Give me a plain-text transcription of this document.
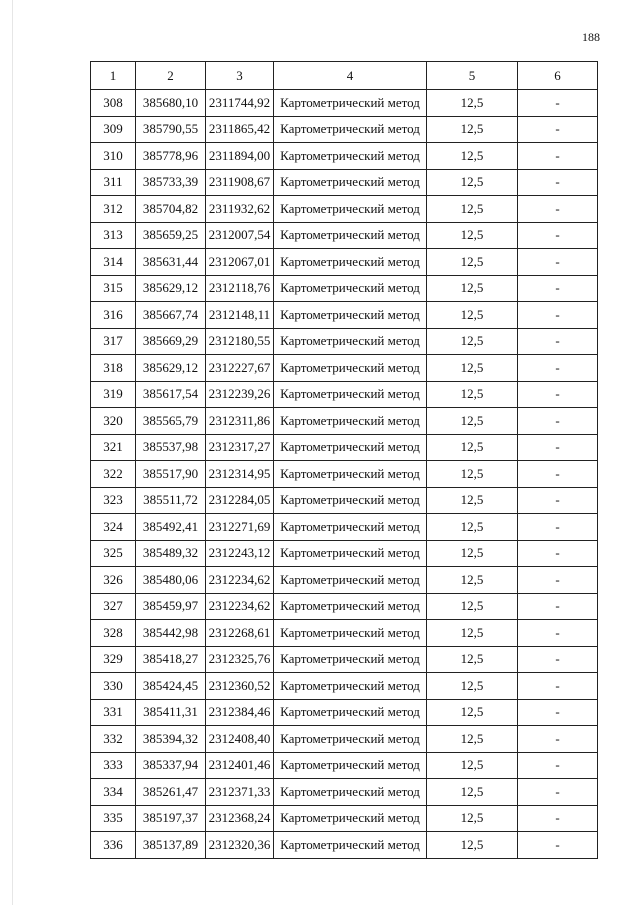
188
1	2	3	4	5	6
308	385680,10	2311744,92	Картометрический метод	12,5	-
309	385790,55	2311865,42	Картометрический метод	12,5	-
310	385778,96	2311894,00	Картометрический метод	12,5	-
311	385733,39	2311908,67	Картометрический метод	12,5	-
312	385704,82	2311932,62	Картометрический метод	12,5	-
313	385659,25	2312007,54	Картометрический метод	12,5	-
314	385631,44	2312067,01	Картометрический метод	12,5	-
315	385629,12	2312118,76	Картометрический метод	12,5	-
316	385667,74	2312148,11	Картометрический метод	12,5	-
317	385669,29	2312180,55	Картометрический метод	12,5	-
318	385629,12	2312227,67	Картометрический метод	12,5	-
319	385617,54	2312239,26	Картометрический метод	12,5	-
320	385565,79	2312311,86	Картометрический метод	12,5	-
321	385537,98	2312317,27	Картометрический метод	12,5	-
322	385517,90	2312314,95	Картометрический метод	12,5	-
323	385511,72	2312284,05	Картометрический метод	12,5	-
324	385492,41	2312271,69	Картометрический метод	12,5	-
325	385489,32	2312243,12	Картометрический метод	12,5	-
326	385480,06	2312234,62	Картометрический метод	12,5	-
327	385459,97	2312234,62	Картометрический метод	12,5	-
328	385442,98	2312268,61	Картометрический метод	12,5	-
329	385418,27	2312325,76	Картометрический метод	12,5	-
330	385424,45	2312360,52	Картометрический метод	12,5	-
331	385411,31	2312384,46	Картометрический метод	12,5	-
332	385394,32	2312408,40	Картометрический метод	12,5	-
333	385337,94	2312401,46	Картометрический метод	12,5	-
334	385261,47	2312371,33	Картометрический метод	12,5	-
335	385197,37	2312368,24	Картометрический метод	12,5	-
336	385137,89	2312320,36	Картометрический метод	12,5	-
